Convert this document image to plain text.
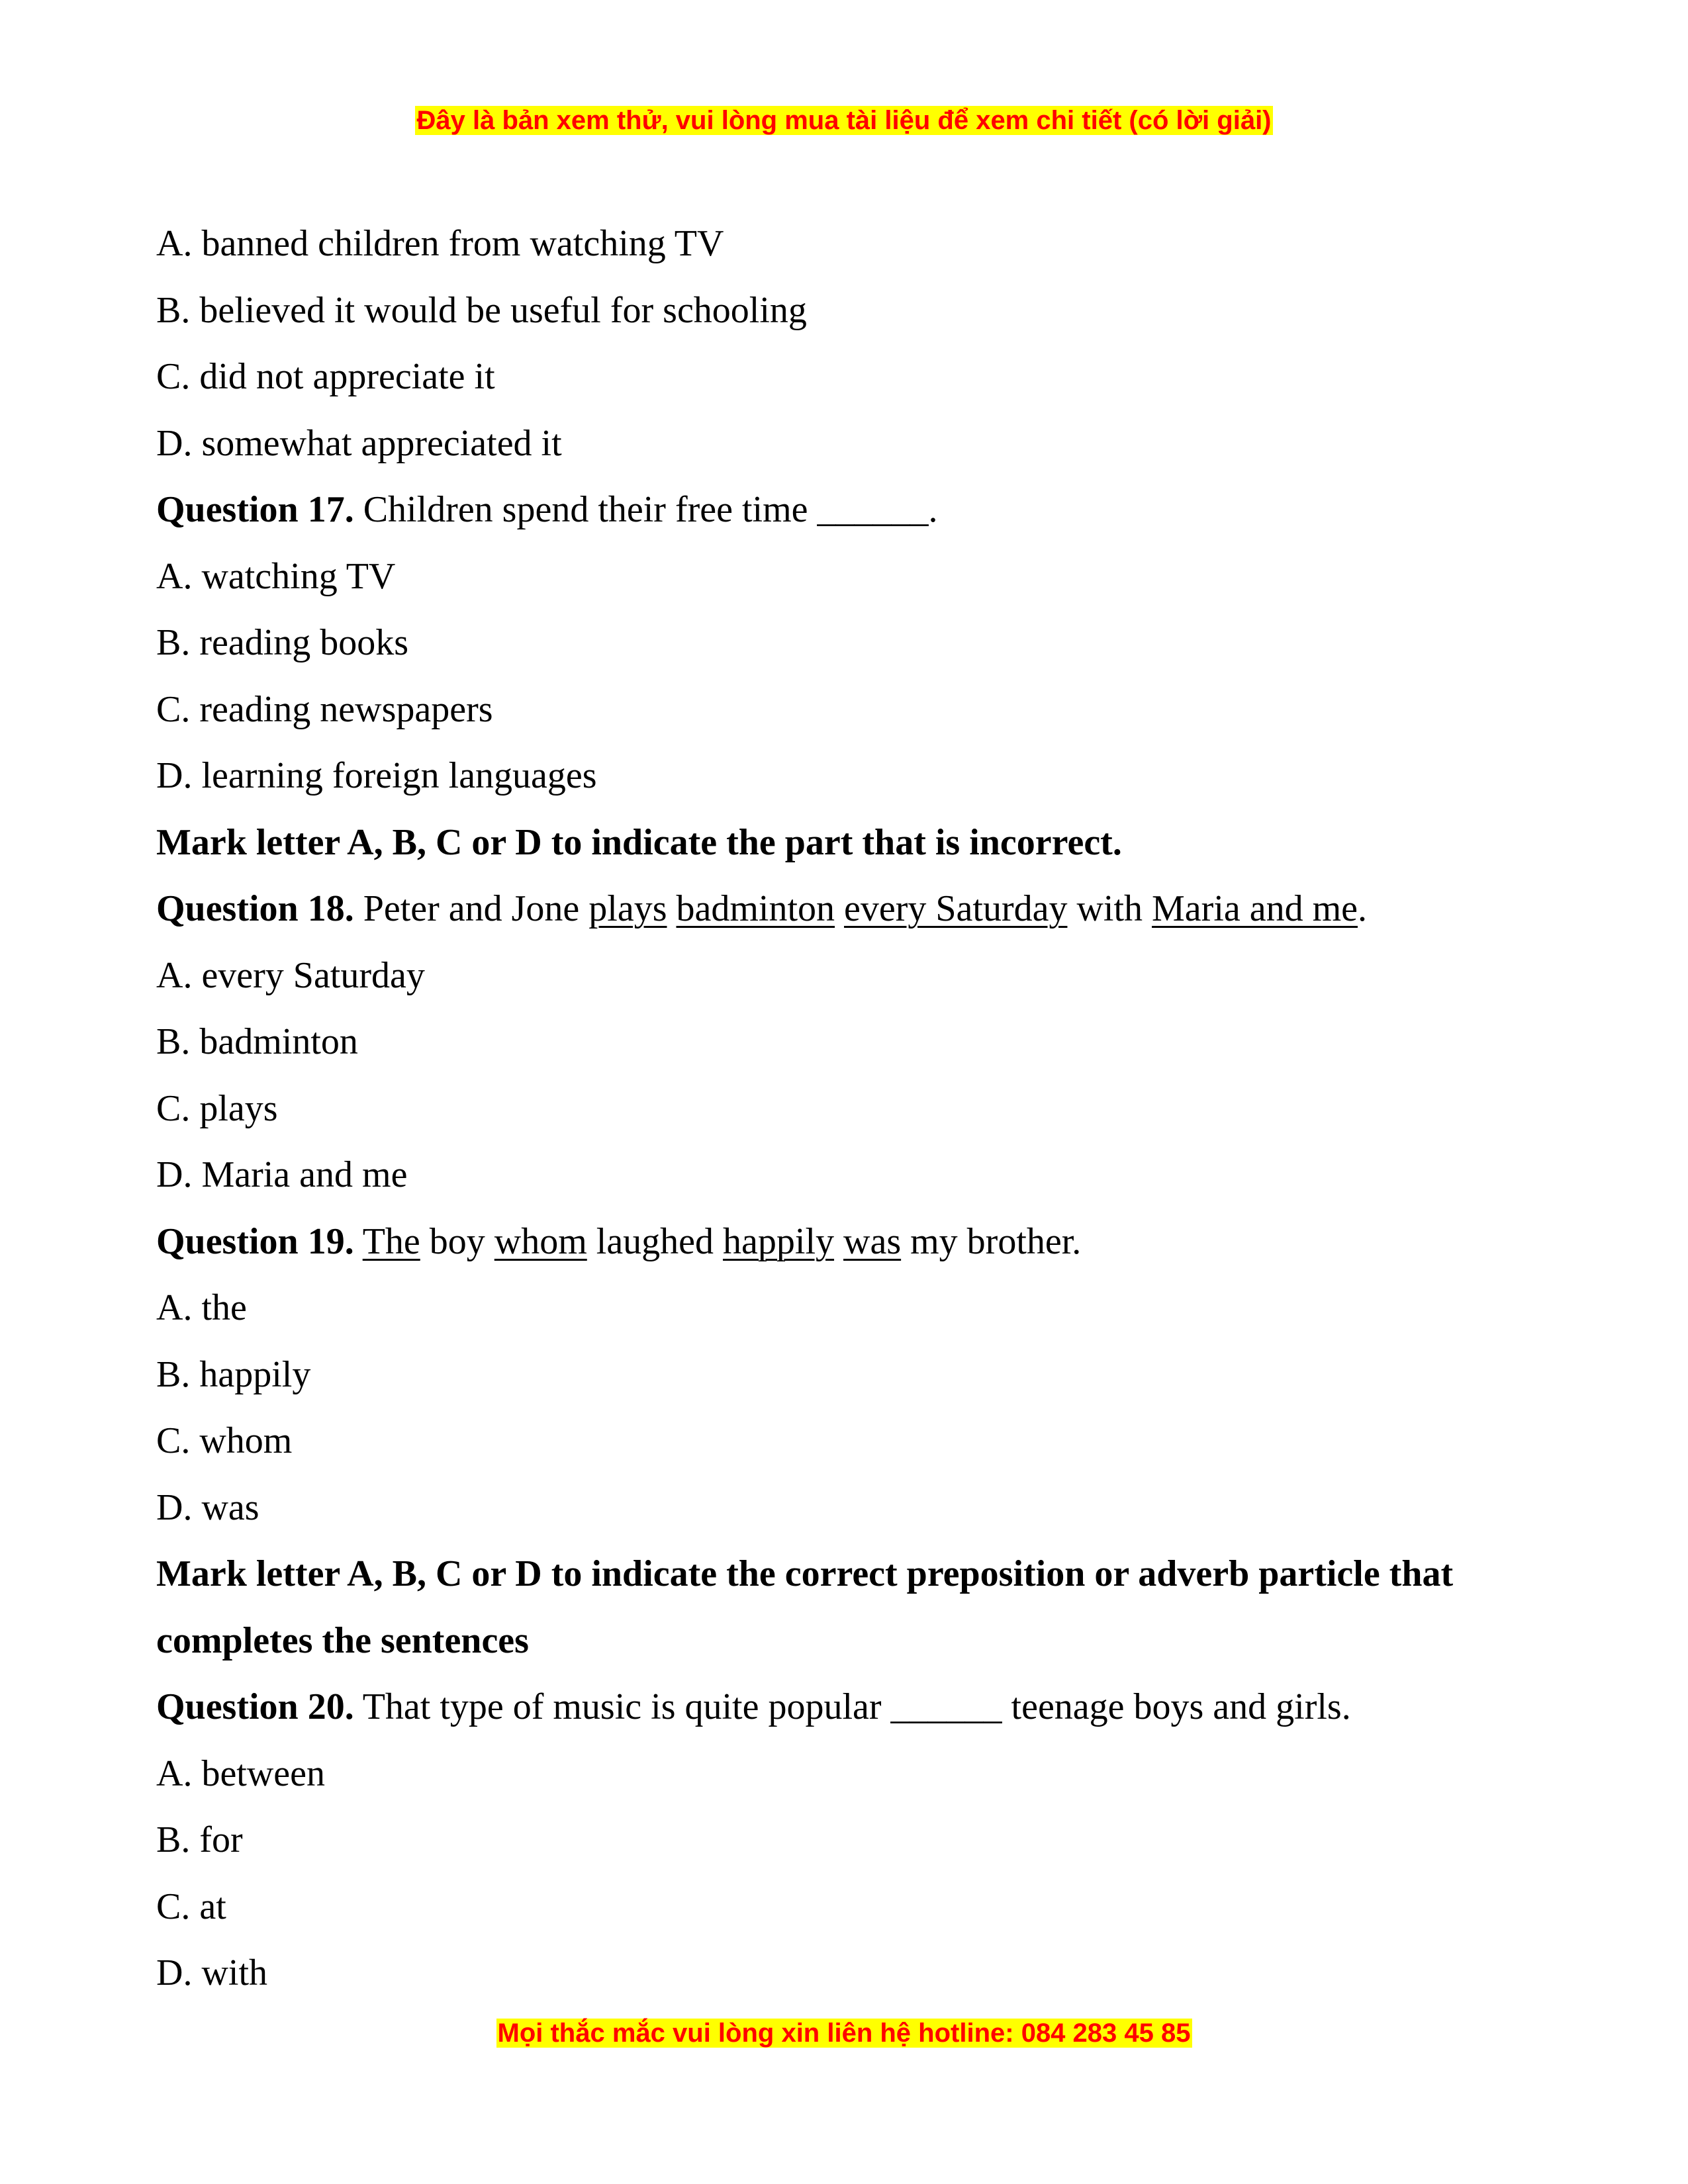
Đây là bản xem thử, vui lòng mua tài liệu để xem chi tiết (có lời giải)
A. banned children from watching TV
B. believed it would be useful for schooling
C. did not appreciate it
D. somewhat appreciated it
Question 17. Children spend their free time ______.
A. watching TV
B. reading books
C. reading newspapers
D. learning foreign languages
Mark letter A, B, C or D to indicate the part that is incorrect.
Question 18. Peter and Jone plays badminton every Saturday with Maria and me.
A. every Saturday
B. badminton
C. plays
D. Maria and me
Question 19. The boy whom laughed happily was my brother.
A. the
B. happily
C. whom
D. was
Mark letter A, B, C or D to indicate the correct preposition or adverb particle that completes the sentences
Question 20. That type of music is quite popular ______ teenage boys and girls.
A. between
B. for
C. at
D. with
Mọi thắc mắc vui lòng xin liên hệ hotline: 084 283 45 85
